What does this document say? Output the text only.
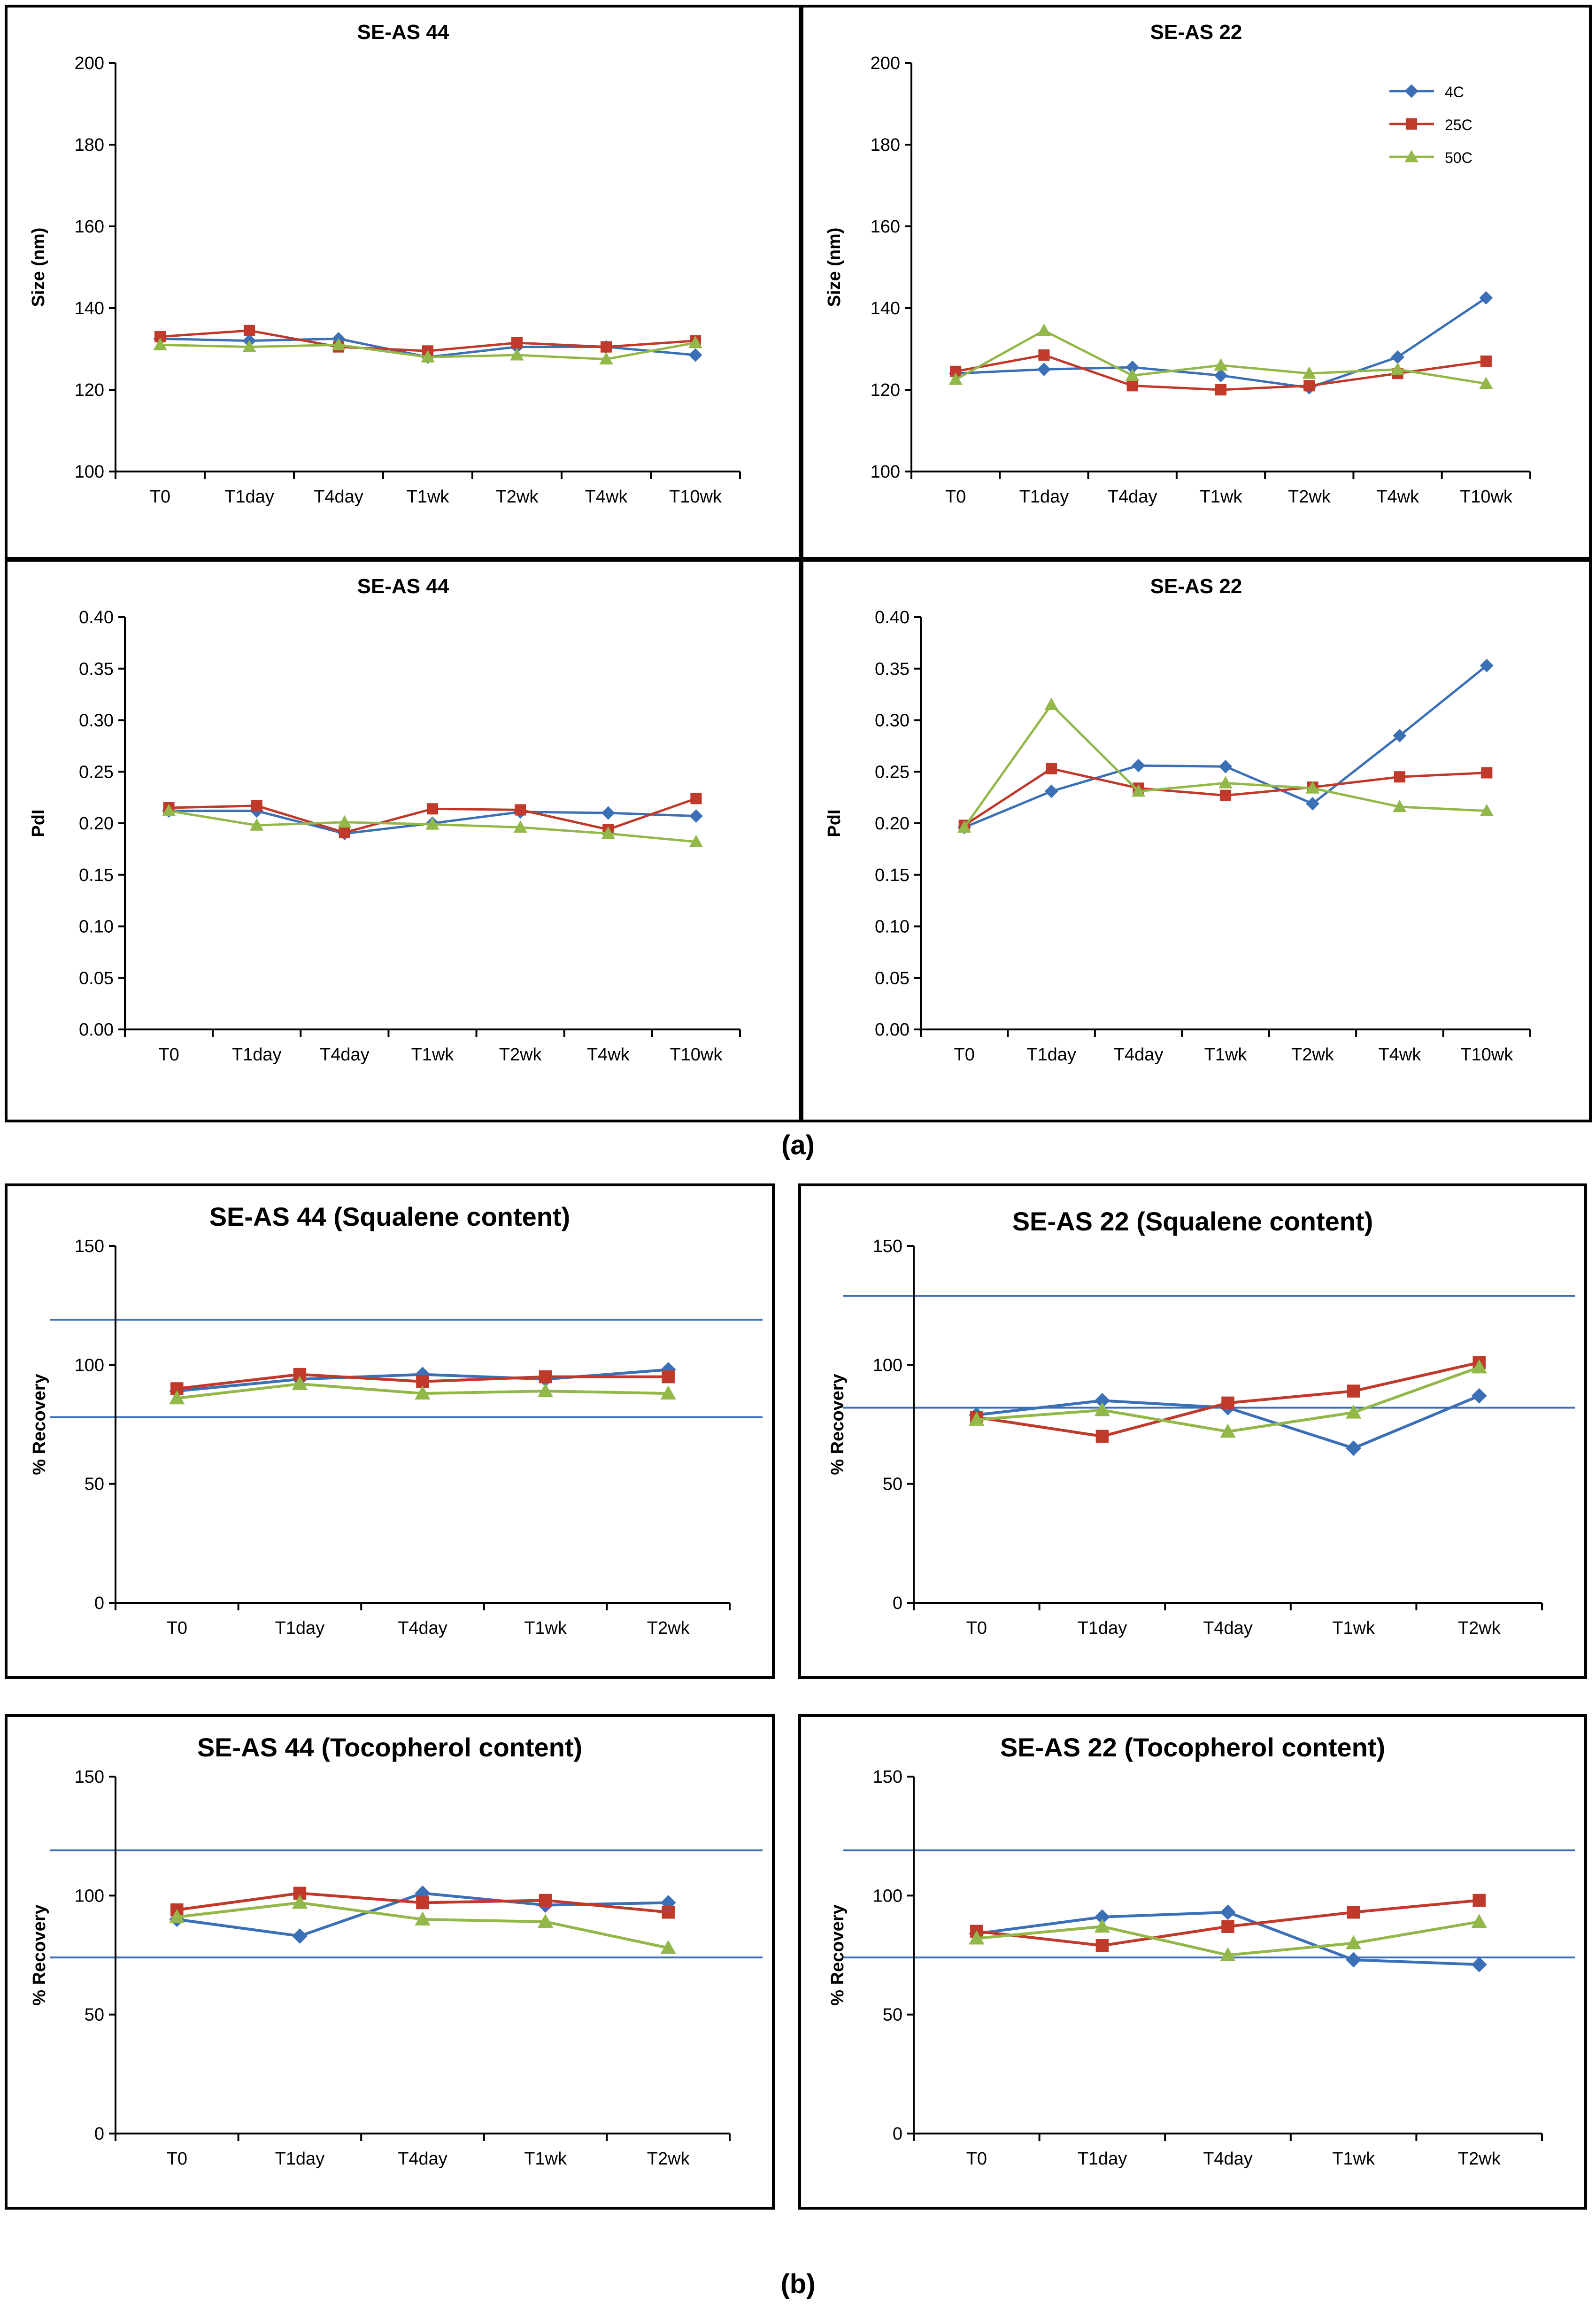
SE-AS 44
100
120
140
160
180
200
T0	T1day T4day T1wk	T2wk	T4wk T10wk
Size (nm)
SE-AS 22
100
120
140
160
180
200
T0	T1day T4day T1wk	T2wk	T4wk T10wk
Size (nm)
4C
25C
50C
SE-AS 44
0.00
0.05
0.10
0.15
0.20
0.25
0.30
0.35
0.40
T0	T1day T4day T1wk	T2wk	T4wk T10wk
PdI
SE-AS 22
0.00
0.05
0.10
0.15
0.20
0.25
0.30
0.35
0.40
T0	T1day T4day T1wk T2wk T4wk T10wk
PdI
(a)
SE-AS 44 (Squalene content)
0
50
100
150
T0	T1day	T4day	T1wk	T2wk
% Recovery
SE-AS 22 (Squalene content)
0
50
100
150
T0	T1day	T4day	T1wk	T2wk
% Recovery
SE-AS 44 (Tocopherol content)
0
50
100
150
T0	T1day	T4day	T1wk	T2wk
% Recovery
SE-AS 22 (Tocopherol content)
0
50
100
150
T0	T1day	T4day	T1wk	T2wk
% Recovery
(b)
